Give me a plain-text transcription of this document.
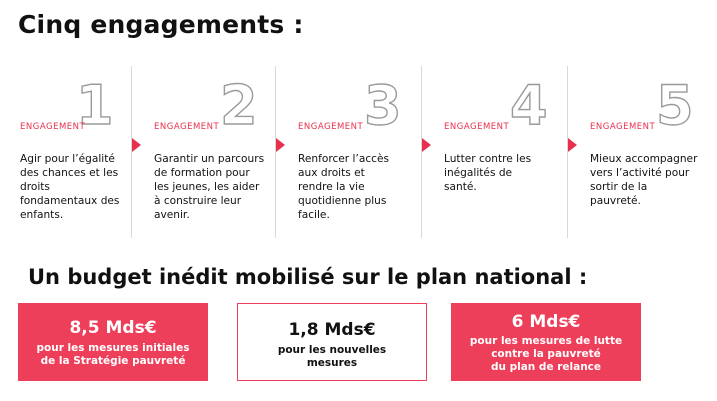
Cinq engagements :
1
ENGAGEMENT
Agir pour l’égalité des chances et les droits fondamentaux des enfants.
2
ENGAGEMENT
Garantir un parcours de formation pour les jeunes, les aider à construire leur avenir.
3
ENGAGEMENT
Renforcer l’accès aux droits et rendre la vie quotidienne plus facile.
4
ENGAGEMENT
Lutter contre les inégalités de santé.
5
ENGAGEMENT
Mieux accompagner vers l’activité pour sortir de la pauvreté.
Un budget inédit mobilisé sur le plan national :
8,5 Mds€
pour les mesures initiales
de la Stratégie pauvreté
1,8 Mds€
pour les nouvelles
mesures
6 Mds€
pour les mesures de lutte
contre la pauvreté
du plan de relance
